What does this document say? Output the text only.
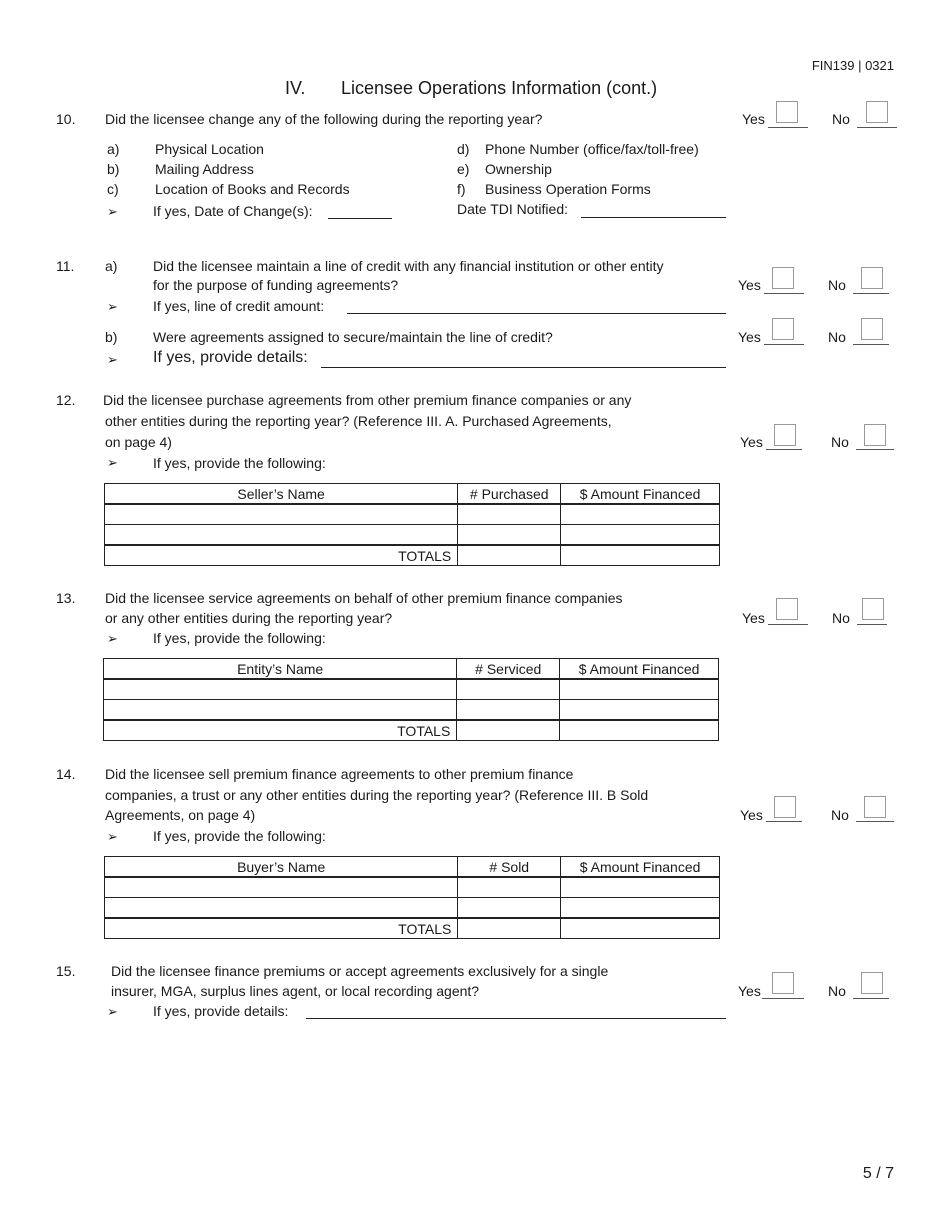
FIN139 | 0321
IV. Licensee Operations Information (cont.)
10. Did the licensee change any of the following during the reporting year?	Yes	No
a)	Physical Location
b)	Mailing Address
c)	Location of Books and Records
d) Phone Number (office/fax/toll-free)
e) Ownership
f) Business Operation Forms
➢	If yes, Date of Change(s):	Date TDI Notified:
11. a)	Did the licensee maintain a line of credit with any financial institution or other entity
for the purpose of funding agreements?	Yes	No
➢	If yes, line of credit amount:
b)	Were agreements assigned to secure/maintain the line of credit?	Yes	No
➢ If yes, provide details:
12. Did the licensee purchase agreements from other premium finance companies or any
other entities during the reporting year? (Reference III. A. Purchased Agreements,
on page 4)	Yes	No
➢	If yes, provide the following:
Seller’s Name	# Purchased	$ Amount Financed

TOTALS		
13. Did the licensee service agreements on behalf of other premium finance companies
or any other entities during the reporting year?	Yes	No
➢	If yes, provide the following:
Entity’s Name	# Serviced	$ Amount Financed

TOTALS		
14. Did the licensee sell premium finance agreements to other premium finance
companies, a trust or any other entities during the reporting year? (Reference III. B Sold
Agreements, on page 4)	Yes	No
➢	If yes, provide the following:
Buyer’s Name	# Sold	$ Amount Financed

TOTALS		
15.	Did the licensee finance premiums or accept agreements exclusively for a single
insurer, MGA, surplus lines agent, or local recording agent?	Yes	No
➢	If yes, provide details:
5 / 7
